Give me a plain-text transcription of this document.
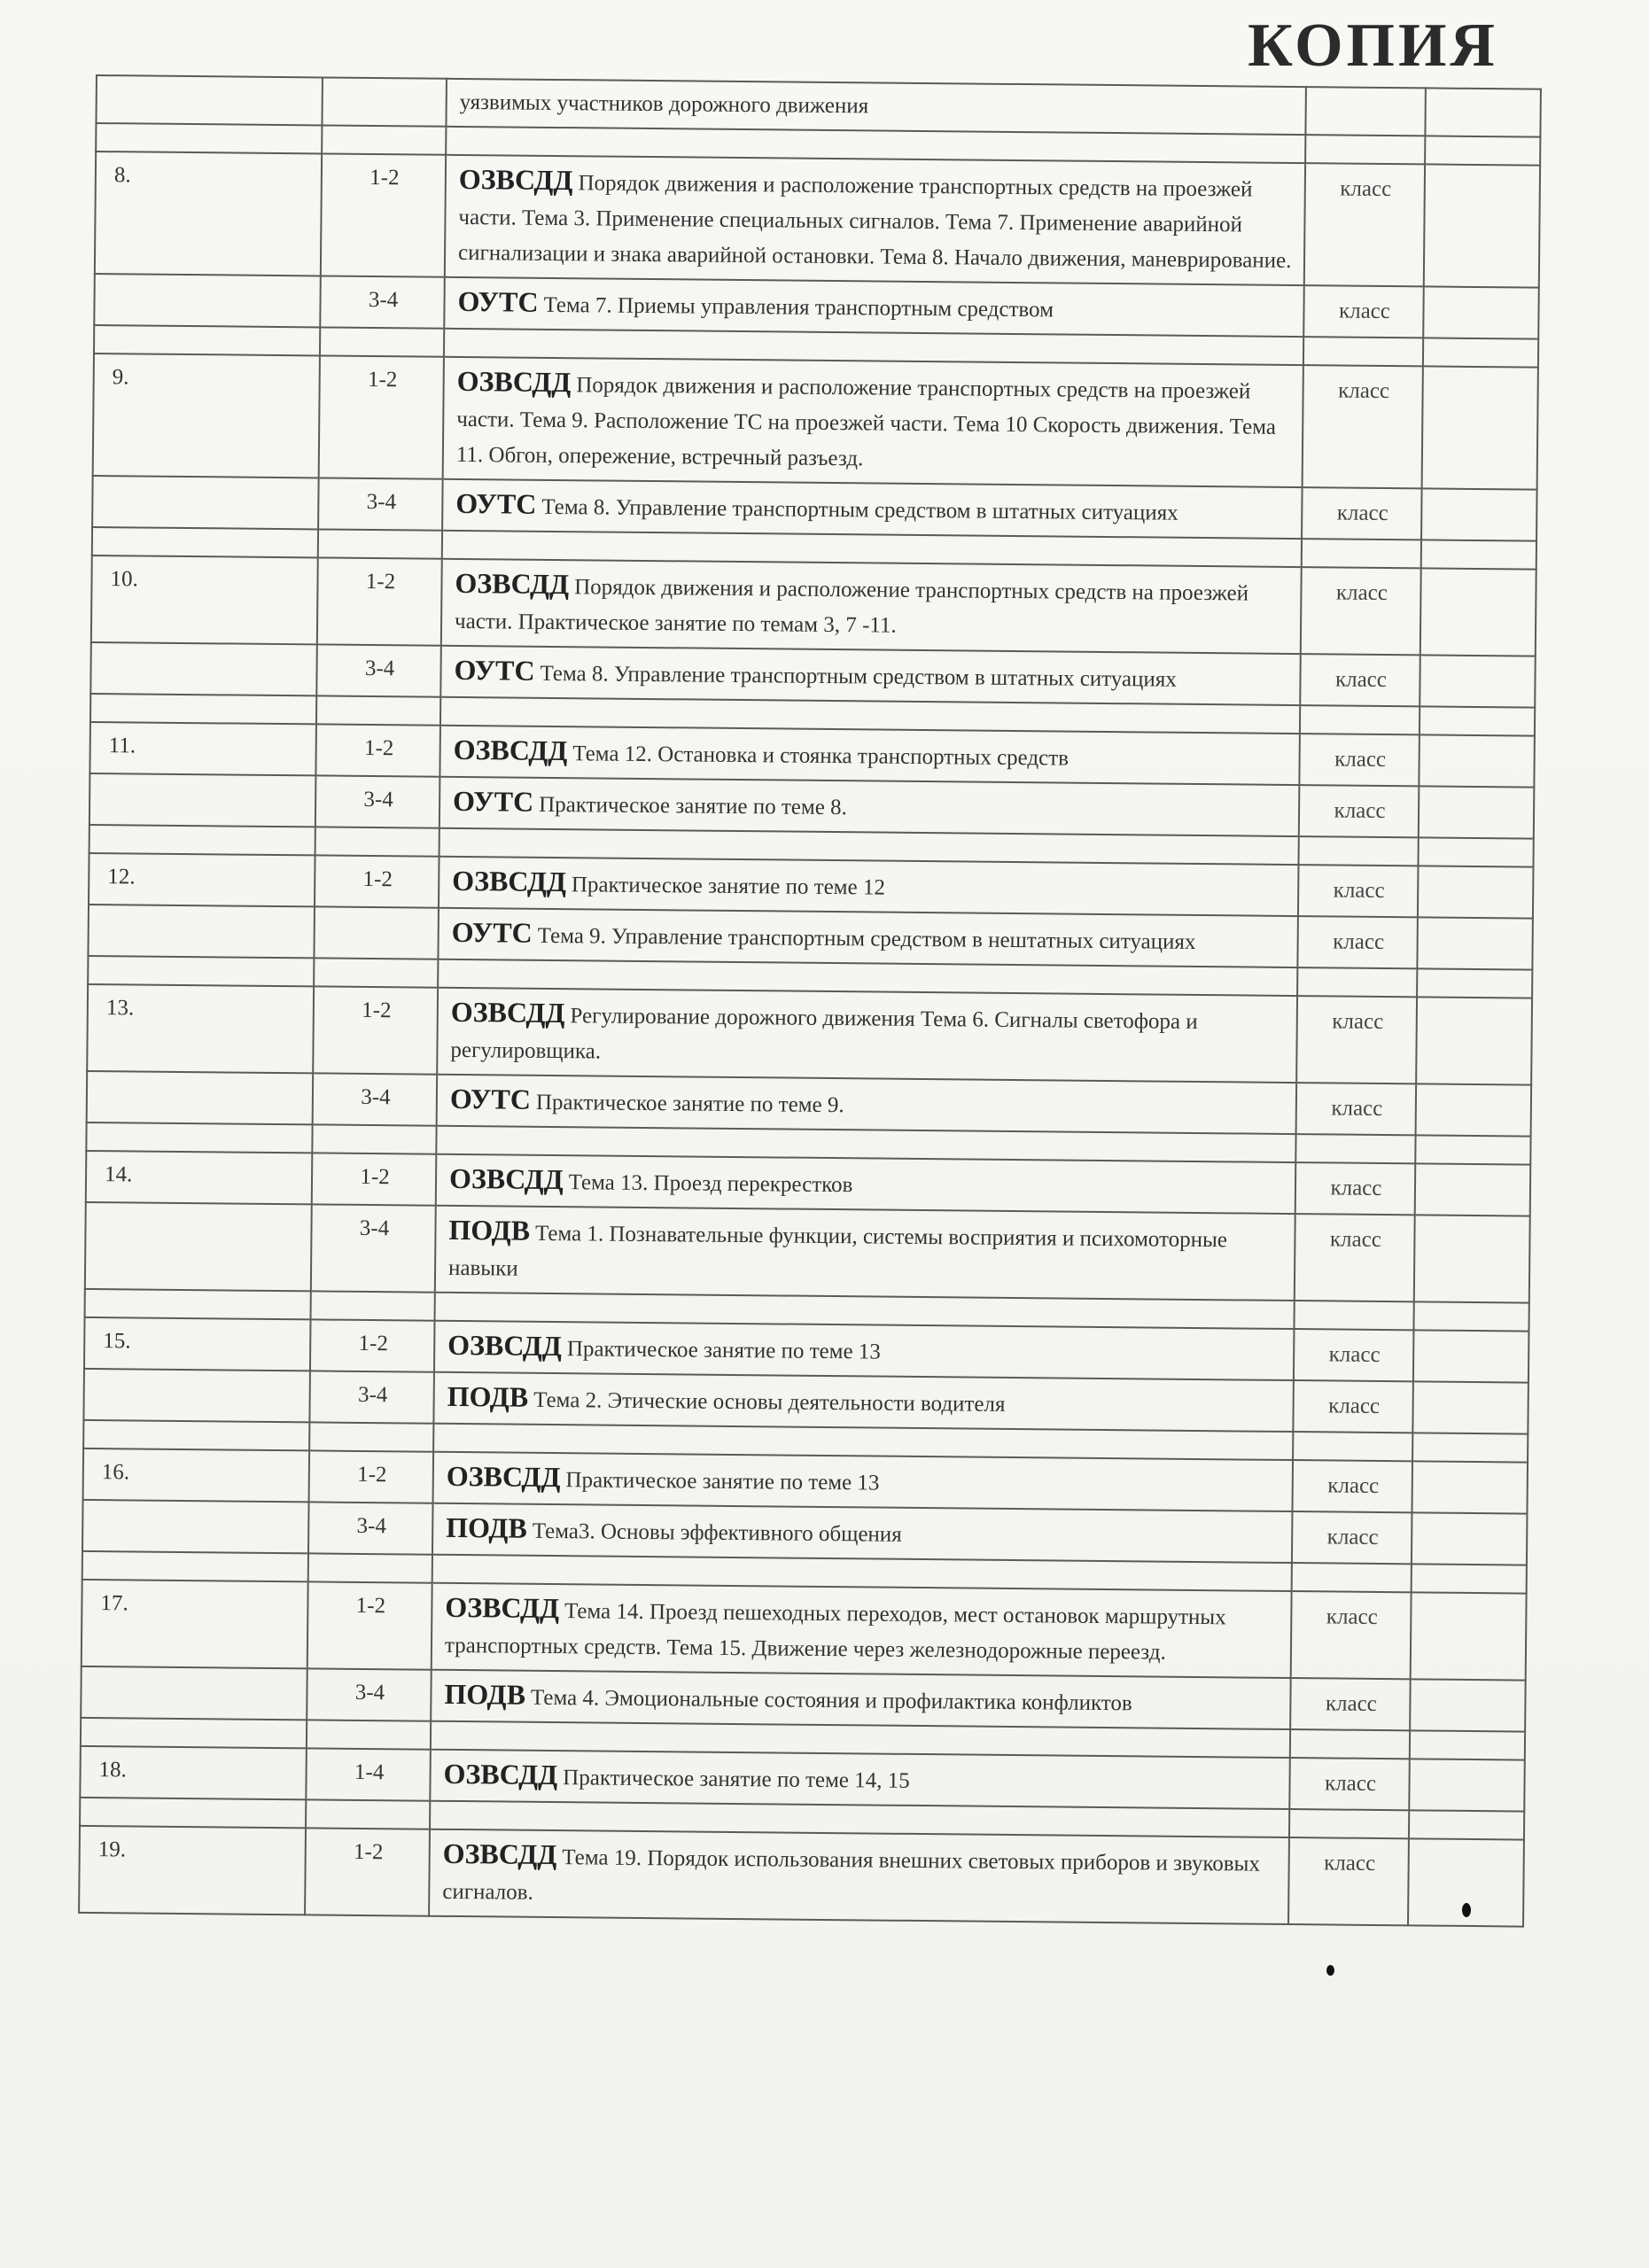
КОПИЯ
		уязвимых участников дорожного движения		

8.	1-2	ОЗВСДД Порядок движения и расположение транспортных средств на проезжей части. Тема 3. Применение специальных сигналов. Тема 7. Применение аварийной сигнализации и знака аварийной остановки. Тема 8. Начало движения, маневрирование.	класс	
	3-4	ОУТС Тема 7. Приемы управления транспортным средством	класс	

9.	1-2	ОЗВСДД Порядок движения и расположение транспортных средств на проезжей части. Тема 9. Расположение ТС на проезжей части. Тема 10 Скорость движения. Тема 11. Обгон, опережение, встречный разъезд.	класс	
	3-4	ОУТС Тема 8. Управление транспортным средством в штатных ситуациях	класс	

10.	1-2	ОЗВСДД Порядок движения и расположение транспортных средств на проезжей части. Практическое занятие по темам 3, 7 -11.	класс	
	3-4	ОУТС Тема 8. Управление транспортным средством в штатных ситуациях	класс	

11.	1-2	ОЗВСДД Тема 12. Остановка и стоянка транспортных средств	класс	
	3-4	ОУТС Практическое занятие по теме 8.	класс	

12.	1-2	ОЗВСДД Практическое занятие по теме 12	класс	
		ОУТС Тема 9. Управление транспортным средством в нештатных ситуациях	класс	

13.	1-2	ОЗВСДД Регулирование дорожного движения Тема 6. Сигналы светофора и регулировщика.	класс	
	3-4	ОУТС Практическое занятие по теме 9.	класс	

14.	1-2	ОЗВСДД Тема 13. Проезд перекрестков	класс	
	3-4	ПОДВ Тема 1. Познавательные функции, системы восприятия и психомоторные навыки	класс	

15.	1-2	ОЗВСДД Практическое занятие по теме 13	класс	
	3-4	ПОДВ Тема 2. Этические основы деятельности водителя	класс	

16.	1-2	ОЗВСДД Практическое занятие по теме 13	класс	
	3-4	ПОДВ Тема3. Основы эффективного общения	класс	

17.	1-2	ОЗВСДД Тема 14. Проезд пешеходных переходов, мест остановок маршрутных транспортных средств. Тема 15. Движение через железнодорожные переезд.	класс	
	3-4	ПОДВ Тема 4. Эмоциональные состояния и профилактика конфликтов	класс	

18.	1-4	ОЗВСДД Практическое занятие по теме 14, 15	класс	

19.	1-2	ОЗВСДД Тема 19. Порядок использования внешних световых приборов и звуковых сигналов.	класс	
